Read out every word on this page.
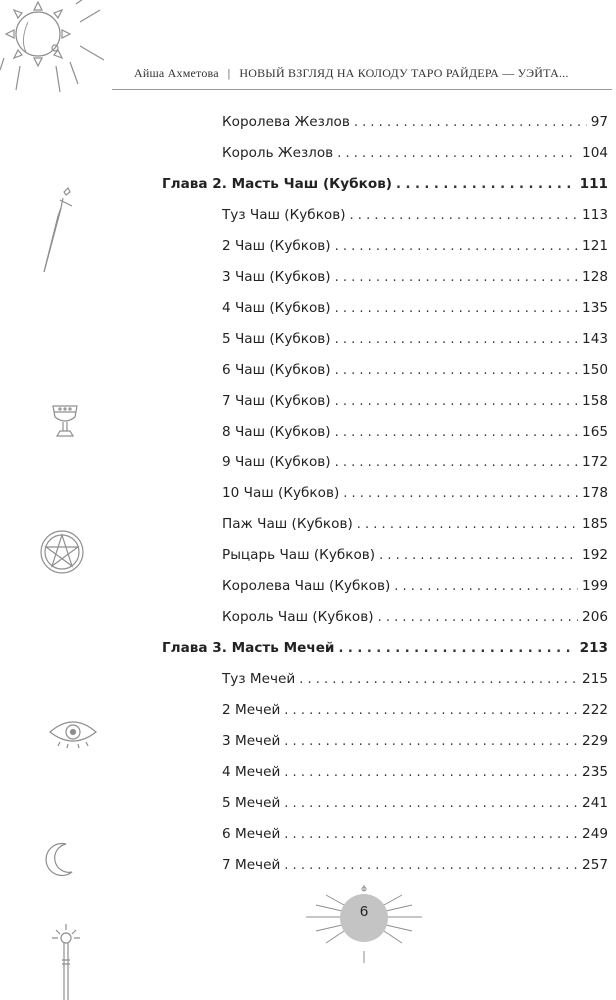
Айша Ахметова | НОВЫЙ ВЗГЛЯД НА КОЛОДУ ТАРО РАЙДЕРА — УЭЙТА...
Королева Жезлов . . .	97
Король Жезлов . . .	104
Глава 2. Масть Чаш (Кубков) . . .	111
Туз Чаш (Кубков) . . .	113
2 Чаш (Кубков) . . .	121
3 Чаш (Кубков) . . .	128
4 Чаш (Кубков) . . .	135
5 Чаш (Кубков) . . .	143
6 Чаш (Кубков) . . .	150
7 Чаш (Кубков) . . .	158
8 Чаш (Кубков) . . .	165
9 Чаш (Кубков) . . .	172
10 Чаш (Кубков) . . .	178
Паж Чаш (Кубков) . . .	185
Рыцарь Чаш (Кубков) . . .	192
Королева Чаш (Кубков) . . .	199
Король Чаш (Кубков) . . .	206
Глава 3. Масть Мечей . . .	213
Туз Мечей . . .	215
2 Мечей . . .	222
3 Мечей . . .	229
4 Мечей . . .	235
5 Мечей . . .	241
6 Мечей . . .	249
7 Мечей . . .	257
6
